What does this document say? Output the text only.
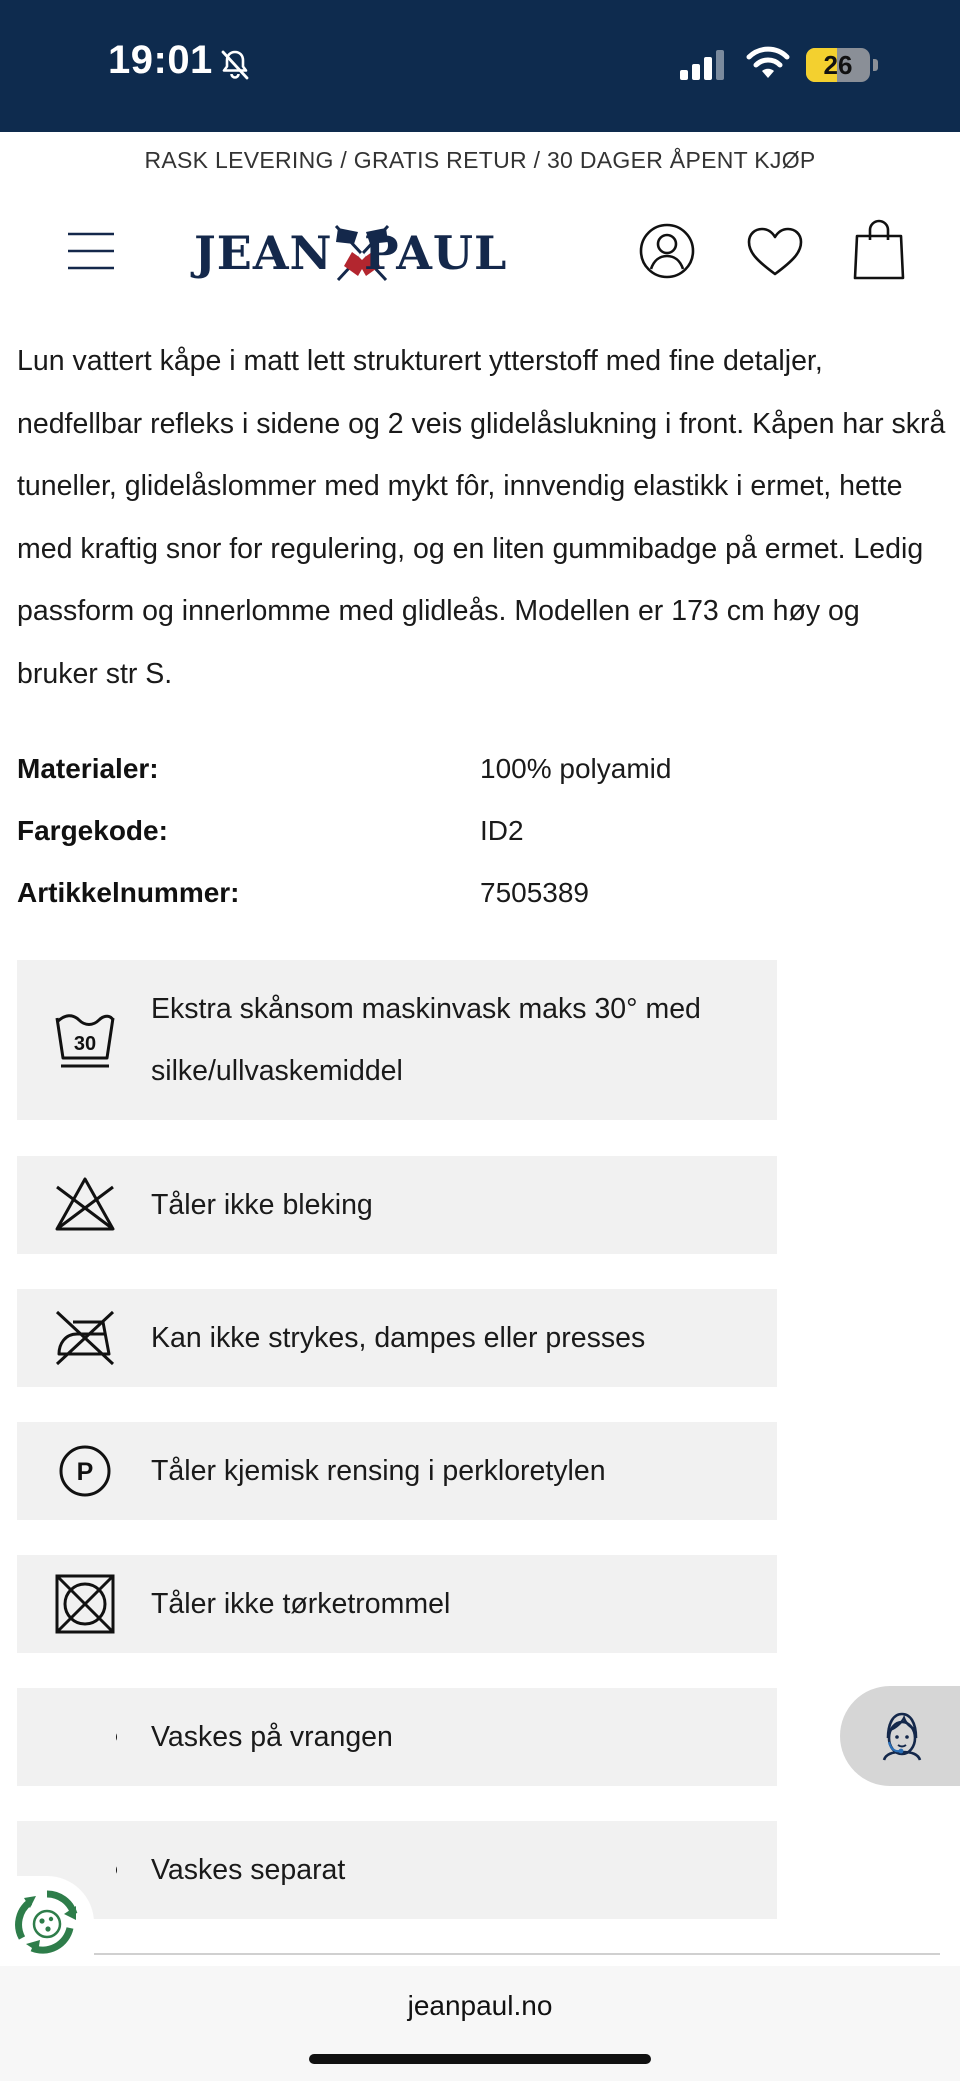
19:01	26
RASK LEVERING / GRATIS RETUR / 30 DAGER ÅPENT KJØP
JEAN PAUL

Lun vattert kåpe i matt lett strukturert ytterstoff med fine detaljer, nedfellbar refleks i sidene og 2 veis glidelåslukning i front. Kåpen har skrå tuneller, glidelåslommer med mykt fôr, innvendig elastikk i ermet, hette med kraftig snor for regulering, og en liten gummibadge på ermet. Ledig passform og innerlomme med glidleås. Modellen er 173 cm høy og bruker str S.

Materialer:	100% polyamid
Fargekode:	ID2
Artikkelnummer:	7505389
30
Ekstra skånsom maskinvask maks 30° med silke/ullvaskemiddel
Tåler ikke bleking
Kan ikke strykes, dampes eller presses
P Tåler kjemisk rensing i perkloretylen
Tåler ikke tørketrommel
Vaskes på vrangen
Vaskes separat
jeanpaul.no
